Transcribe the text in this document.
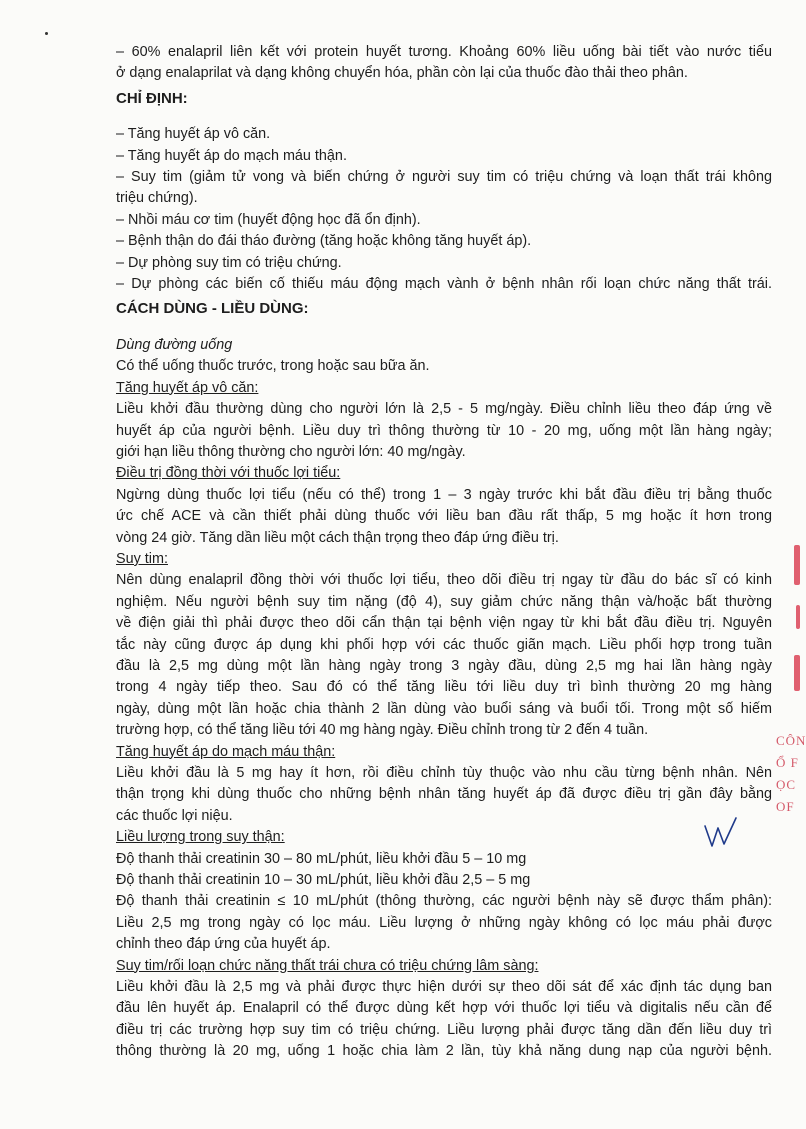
– 60% enalapril liên kết với protein huyết tương. Khoảng 60% liều uống bài tiết vào nước tiểu

ở dạng enalaprilat và dạng không chuyển hóa, phần còn lại của thuốc đào thải theo phân.

CHỈ ĐỊNH:

– Tăng huyết áp vô căn.

– Tăng huyết áp do mạch máu thận.

– Suy tim (giảm tử vong và biến chứng ở người suy tim có triệu chứng và loạn thất trái không

triệu chứng).

– Nhồi máu cơ tim (huyết động học đã ổn định).

– Bệnh thận do đái tháo đường (tăng hoặc không tăng huyết áp).

– Dự phòng suy tim có triệu chứng.

– Dự phòng các biến cố thiếu máu động mạch vành ở bệnh nhân rối loạn chức năng thất trái.

CÁCH DÙNG - LIỀU DÙNG:

Dùng đường uống

Có thể uống thuốc trước, trong hoặc sau bữa ăn.

Tăng huyết áp vô căn:

Liều khởi đầu thường dùng cho người lớn là 2,5 - 5 mg/ngày. Điều chỉnh liều theo đáp ứng về

huyết áp của người bệnh. Liều duy trì thông thường từ 10 - 20 mg, uống một lần hàng ngày;

giới hạn liều thông thường cho người lớn: 40 mg/ngày.

Điều trị đồng thời với thuốc lợi tiểu:

Ngừng dùng thuốc lợi tiểu (nếu có thể) trong 1 – 3 ngày trước khi bắt đầu điều trị bằng thuốc

ức chế ACE và cần thiết phải dùng thuốc với liều ban đầu rất thấp, 5 mg hoặc ít hơn trong

vòng 24 giờ. Tăng dần liều một cách thận trọng theo đáp ứng điều trị.

Suy tim:

Nên dùng enalapril đồng thời với thuốc lợi tiểu, theo dõi điều trị ngay từ đầu do bác sĩ có kinh

nghiệm. Nếu người bệnh suy tim nặng (độ 4), suy giảm chức năng thận và/hoặc bất thường

về điện giải thì phải được theo dõi cẩn thận tại bệnh viện ngay từ khi bắt đầu điều trị. Nguyên

tắc này cũng được áp dụng khi phối hợp với các thuốc giãn mạch. Liều phối hợp trong tuần

đầu là 2,5 mg dùng một lần hàng ngày trong 3 ngày đầu, dùng 2,5 mg hai lần hàng ngày

trong 4 ngày tiếp theo. Sau đó có thể tăng liều tới liều duy trì bình thường 20 mg hàng

ngày, dùng một lần hoặc chia thành 2 lần dùng vào buổi sáng và buổi tối. Trong một số hiếm

trường hợp, có thể tăng liều tới 40 mg hàng ngày. Điều chỉnh trong từ 2 đến 4 tuần.

Tăng huyết áp do mạch máu thận:

Liều khởi đầu là 5 mg hay ít hơn, rồi điều chỉnh tùy thuộc vào nhu cầu từng bệnh nhân. Nên

thận trọng khi dùng thuốc cho những bệnh nhân tăng huyết áp đã được điều trị gần đây bằng

các thuốc lợi niệu.

Liều lượng trong suy thận:

Độ thanh thải creatinin 30 – 80 mL/phút, liều khởi đầu 5 – 10 mg

Độ thanh thải creatinin 10 – 30 mL/phút, liều khởi đầu 2,5 – 5 mg

Độ thanh thải creatinin ≤ 10 mL/phút (thông thường, các người bệnh này sẽ được thẩm phân):

Liều 2,5 mg trong ngày có lọc máu. Liều lượng ở những ngày không có lọc máu phải được

chỉnh theo đáp ứng của huyết áp.

Suy tim/rối loạn chức năng thất trái chưa có triệu chứng lâm sàng:

Liều khởi đầu là 2,5 mg và phải được thực hiện dưới sự theo dõi sát để xác định tác dụng ban

đầu lên huyết áp. Enalapril có thể được dùng kết hợp với thuốc lợi tiểu và digitalis nếu cần để

điều trị các trường hợp suy tim có triệu chứng. Liều lượng phải được tăng dần đến liều duy trì

thông thường là 20 mg, uống 1 hoặc chia làm 2 lần, tùy khả năng dung nạp của người bệnh.

CÔN
Ổ F
ỌC
OF
